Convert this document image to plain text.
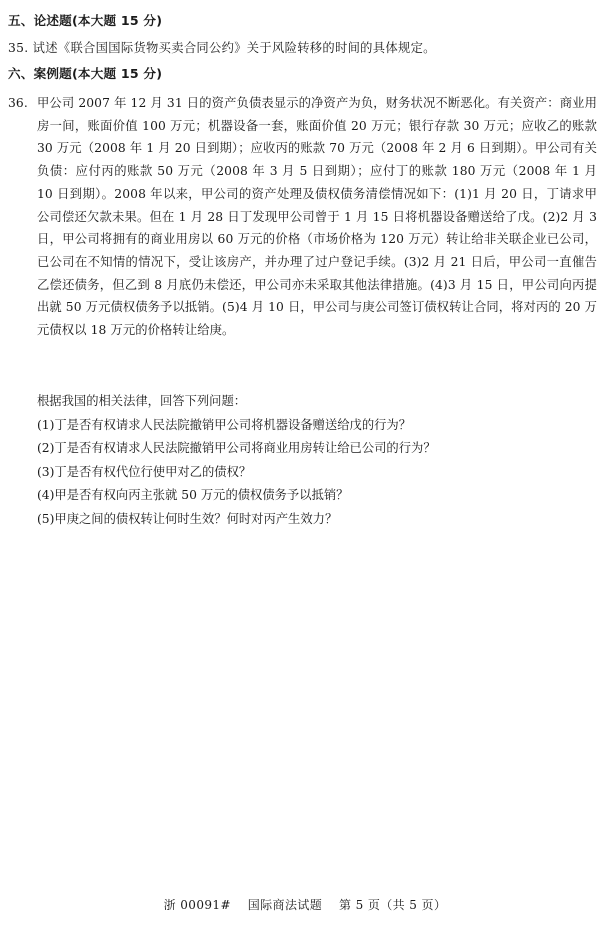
五、论述题(本大题 15 分)
35. 试述《联合国国际货物买卖合同公约》关于风险转移的时间的具体规定。
六、案例题(本大题 15 分)
36. 甲公司 2007 年 12 月 31 日的资产负债表显示的净资产为负，财务状况不断恶化。有关资产：商业用房一间，账面价值 100 万元；机器设备一套，账面价值 20 万元；银行存款 30 万元；应收乙的账款 30 万元（2008 年 1 月 20 日到期）；应收丙的账款 70 万元（2008 年 2 月 6 日到期）。甲公司有关负债：应付丙的账款 50 万元（2008 年 3 月 5 日到期）；应付丁的账款 180 万元（2008 年 1 月 10 日到期）。2008 年以来，甲公司的资产处理及债权债务清偿情况如下：(1)1 月 20 日，丁请求甲公司偿还欠款未果。但在 1 月 28 日丁发现甲公司曾于 1 月 15 日将机器设备赠送给了戊。(2)2 月 3 日，甲公司将拥有的商业用房以 60 万元的价格（市场价格为 120 万元）转让给非关联企业已公司，已公司在不知情的情况下，受让该房产，并办理了过户登记手续。(3)2 月 21 日后，甲公司一直催告乙偿还债务，但乙到 8 月底仍未偿还，甲公司亦未采取其他法律措施。(4)3 月 15 日，甲公司向丙提出就 50 万元债权债务予以抵销。(5)4 月 10 日，甲公司与庚公司签订债权转让合同，将对丙的 20 万元债权以 18 万元的价格转让给庚。
根据我国的相关法律，回答下列问题：
(1)丁是否有权请求人民法院撤销甲公司将机器设备赠送给戊的行为？
(2)丁是否有权请求人民法院撤销甲公司将商业用房转让给已公司的行为？
(3)丁是否有权代位行使甲对乙的债权？
(4)甲是否有权向丙主张就 50 万元的债权债务予以抵销？
(5)甲庚之间的债权转让何时生效？何时对丙产生效力？
浙 00091#    国际商法试题    第 5 页（共 5 页）
